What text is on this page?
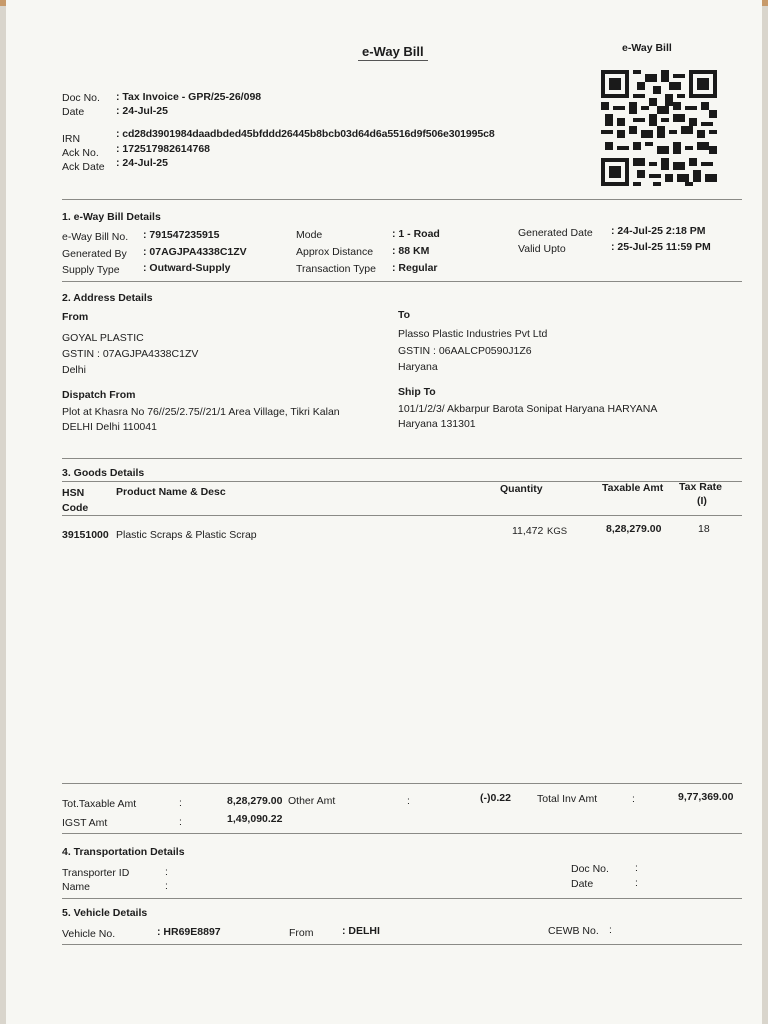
e-Way Bill	e-Way Bill
Doc No. : Tax Invoice - GPR/25-26/098
Date	: 24-Jul-25
IRN	: cd28d3901984daadbded45bfddd26445b8bcb03d64d6a5516d9f506e301995c8
Ack No. : 172517982614768
Ack Date : 24-Jul-25
1. e-Way Bill Details
e-Way Bill No. : 791547235915
Generated By : 07AGJPA4338C1ZV
Supply Type : Outward-Supply
Mode	: 1 - Road
Approx Distance : 88 KM
Transaction Type : Regular
Generated Date : 24-Jul-25 2:18 PM
Valid Upto	: 25-Jul-25 11:59 PM
2. Address Details
From
GOYAL PLASTIC
GSTIN : 07AGJPA4338C1ZV
Delhi
To
Plasso Plastic Industries Pvt Ltd
GSTIN : 06AALCP0590J1Z6
Haryana
Dispatch From
Plot at Khasra No 76//25/2.75//21/1 Area Village, Tikri Kalan
DELHI Delhi 110041
Ship To
101/1/2/3/ Akbarpur Barota Sonipat Haryana HARYANA
Haryana 131301
3. Goods Details
HSN
Code
Product Name & Desc	Quantity	Taxable Amt Tax Rate
(I)
39151000 Plastic Scraps & Plastic Scrap	11,472 KGS	8,28,279.00	18
Tot.Taxable Amt	:	8,28,279.00 Other Amt	:	(-)0.22 Total Inv Amt	:	9,77,369.00
IGST Amt	:	1,49,090.22
4. Transportation Details
Transporter ID	:
Name	:
Doc No. :
Date	:
5. Vehicle Details
Vehicle No.	: HR69E8897	From	: DELHI	CEWB No. :
